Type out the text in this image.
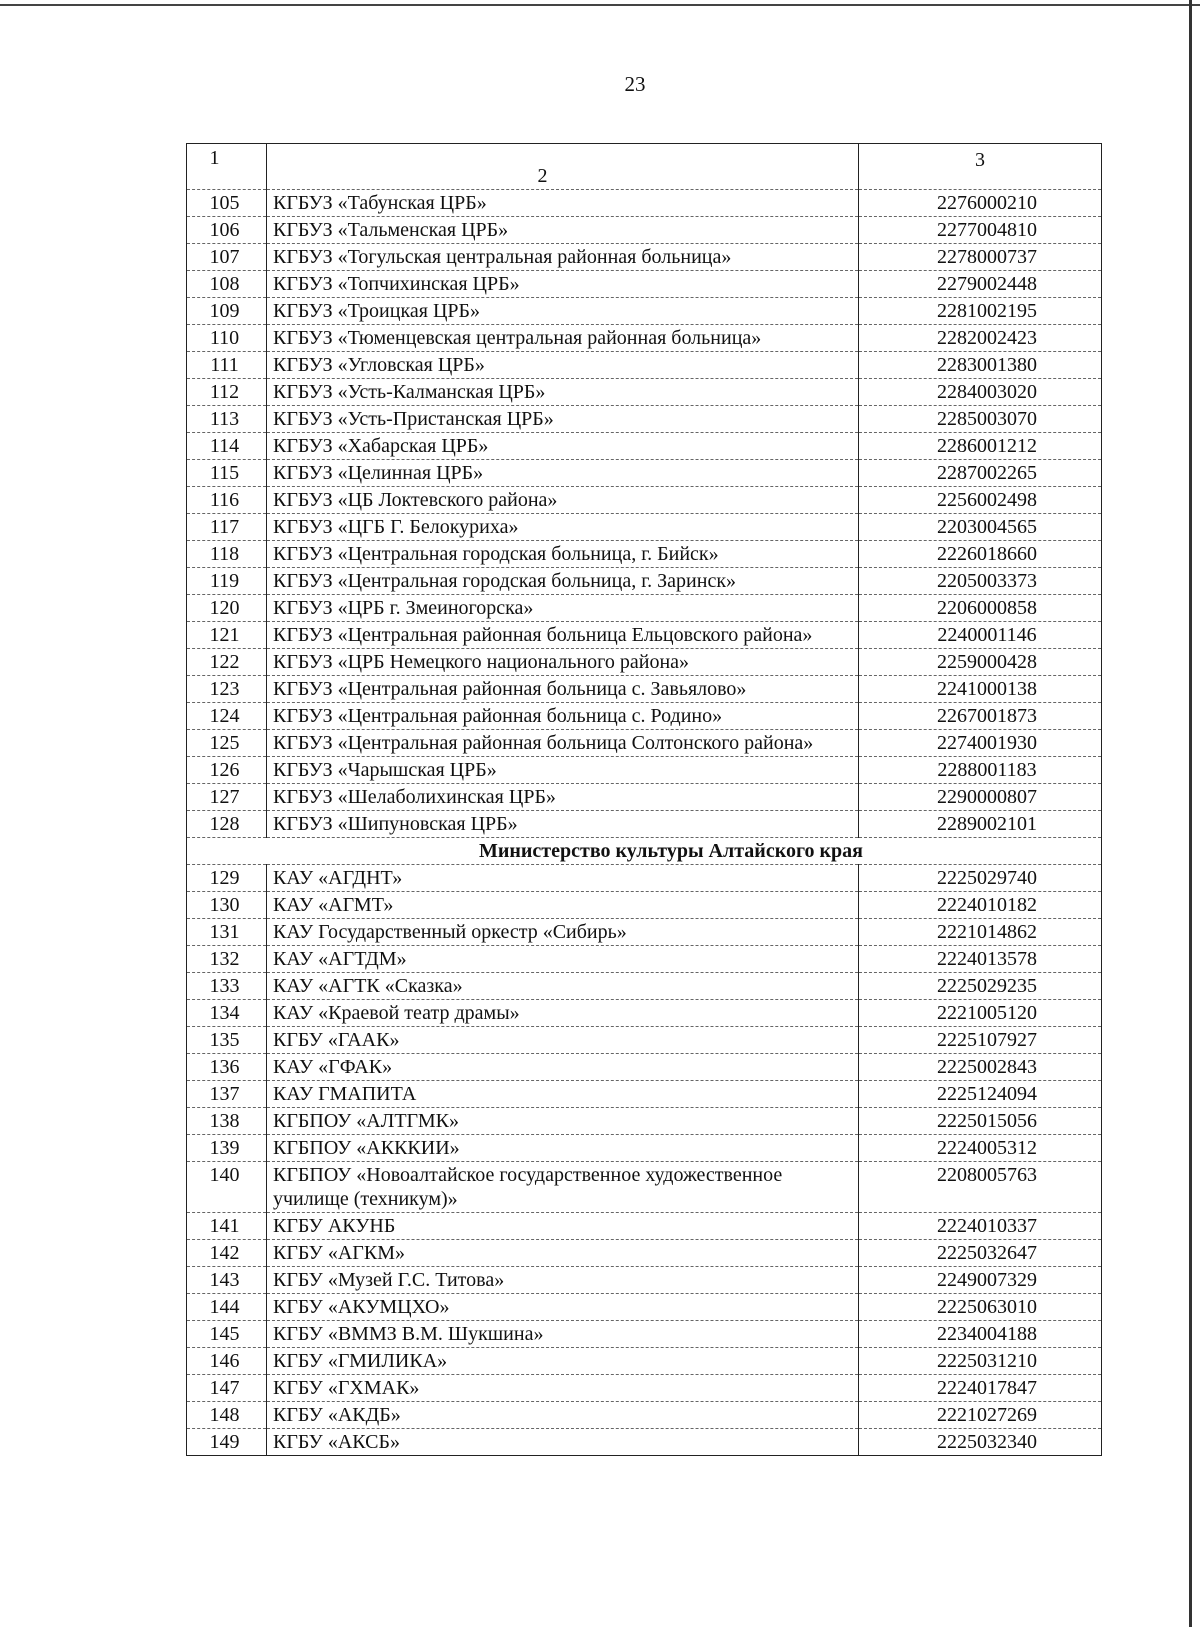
23
1	2	3
105	КГБУЗ «Табунская ЦРБ»	2276000210
106	КГБУЗ «Тальменская ЦРБ»	2277004810
107	КГБУЗ «Тогульская центральная районная больница»	2278000737
108	КГБУЗ «Топчихинская ЦРБ»	2279002448
109	КГБУЗ «Троицкая ЦРБ»	2281002195
110	КГБУЗ «Тюменцевская центральная районная больница»	2282002423
111	КГБУЗ «Угловская ЦРБ»	2283001380
112	КГБУЗ «Усть-Калманская ЦРБ»	2284003020
113	КГБУЗ «Усть-Пристанская ЦРБ»	2285003070
114	КГБУЗ «Хабарская ЦРБ»	2286001212
115	КГБУЗ «Целинная ЦРБ»	2287002265
116	КГБУЗ «ЦБ Локтевского района»	2256002498
117	КГБУЗ «ЦГБ Г. Белокуриха»	2203004565
118	КГБУЗ «Центральная городская больница, г. Бийск»	2226018660
119	КГБУЗ «Центральная городская больница, г. Заринск»	2205003373
120	КГБУЗ «ЦРБ г. Змеиногорска»	2206000858
121	КГБУЗ «Центральная районная больница Ельцовского района»	2240001146
122	КГБУЗ «ЦРБ Немецкого национального района»	2259000428
123	КГБУЗ «Центральная районная больница с. Завьялово»	2241000138
124	КГБУЗ «Центральная районная больница с. Родино»	2267001873
125	КГБУЗ «Центральная районная больница Солтонского района»	2274001930
126	КГБУЗ «Чарышская ЦРБ»	2288001183
127	КГБУЗ «Шелаболихинская ЦРБ»	2290000807
128	КГБУЗ «Шипуновская ЦРБ»	2289002101
Министерство культуры Алтайского края		
129	КАУ «АГДНТ»	2225029740
130	КАУ «АГМТ»	2224010182
131	КАУ Государственный оркестр «Сибирь»	2221014862
132	КАУ «АГТДМ»	2224013578
133	КАУ «АГТК «Сказка»	2225029235
134	КАУ «Краевой театр драмы»	2221005120
135	КГБУ «ГААК»	2225107927
136	КАУ «ГФАК»	2225002843
137	КАУ ГМАПИТА	2225124094
138	КГБПОУ «АЛТГМК»	2225015056
139	КГБПОУ «АКККИИ»	2224005312
140	КГБПОУ «Новоалтайское государственное художественное училище (техникум)»	2208005763
141	КГБУ АКУНБ	2224010337
142	КГБУ «АГКМ»	2225032647
143	КГБУ «Музей Г.С. Титова»	2249007329
144	КГБУ «АКУМЦХО»	2225063010
145	КГБУ «ВММЗ В.М. Шукшина»	2234004188
146	КГБУ «ГМИЛИКА»	2225031210
147	КГБУ «ГХМАК»	2224017847
148	КГБУ «АКДБ»	2221027269
149	КГБУ «АКСБ»	2225032340
